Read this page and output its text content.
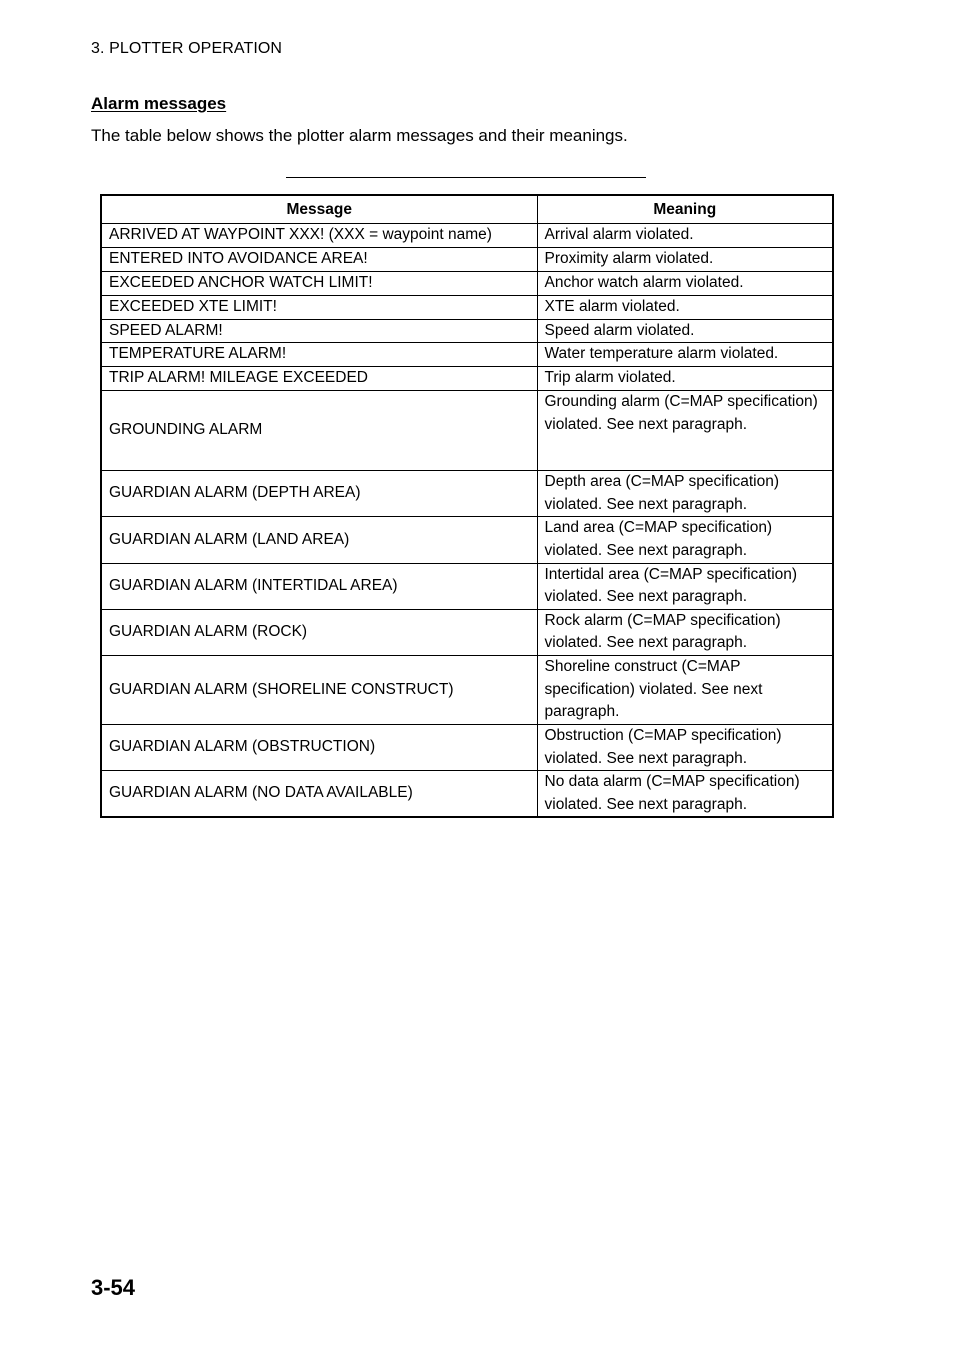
3. PLOTTER OPERATION
Alarm messages
The table below shows the plotter alarm messages and their meanings.
Message	Meaning
ARRIVED AT WAYPOINT XXX! (XXX = waypoint name)	Arrival alarm violated.
ENTERED INTO AVOIDANCE AREA!	Proximity alarm violated.
EXCEEDED ANCHOR WATCH LIMIT!	Anchor watch alarm violated.
EXCEEDED XTE LIMIT!	XTE alarm violated.
SPEED ALARM!	Speed alarm violated.
TEMPERATURE ALARM!	Water temperature alarm violated.
TRIP ALARM! MILEAGE EXCEEDED	Trip alarm violated.
GROUNDING ALARM	Grounding alarm (C=MAP specification) violated. See next paragraph.
GUARDIAN ALARM (DEPTH AREA)	Depth area (C=MAP specification) violated. See next paragraph.
GUARDIAN ALARM (LAND AREA)	Land area (C=MAP specification) violated. See next paragraph.
GUARDIAN ALARM (INTERTIDAL AREA)	Intertidal area (C=MAP specification) violated. See next paragraph.
GUARDIAN ALARM (ROCK)	Rock alarm (C=MAP specification) violated. See next paragraph.
GUARDIAN ALARM (SHORELINE CONSTRUCT)	Shoreline construct (C=MAP specification) violated. See next paragraph.
GUARDIAN ALARM (OBSTRUCTION)	Obstruction (C=MAP specification) violated. See next paragraph.
GUARDIAN ALARM (NO DATA AVAILABLE)	No data alarm (C=MAP specification) violated. See next paragraph.
3-54
